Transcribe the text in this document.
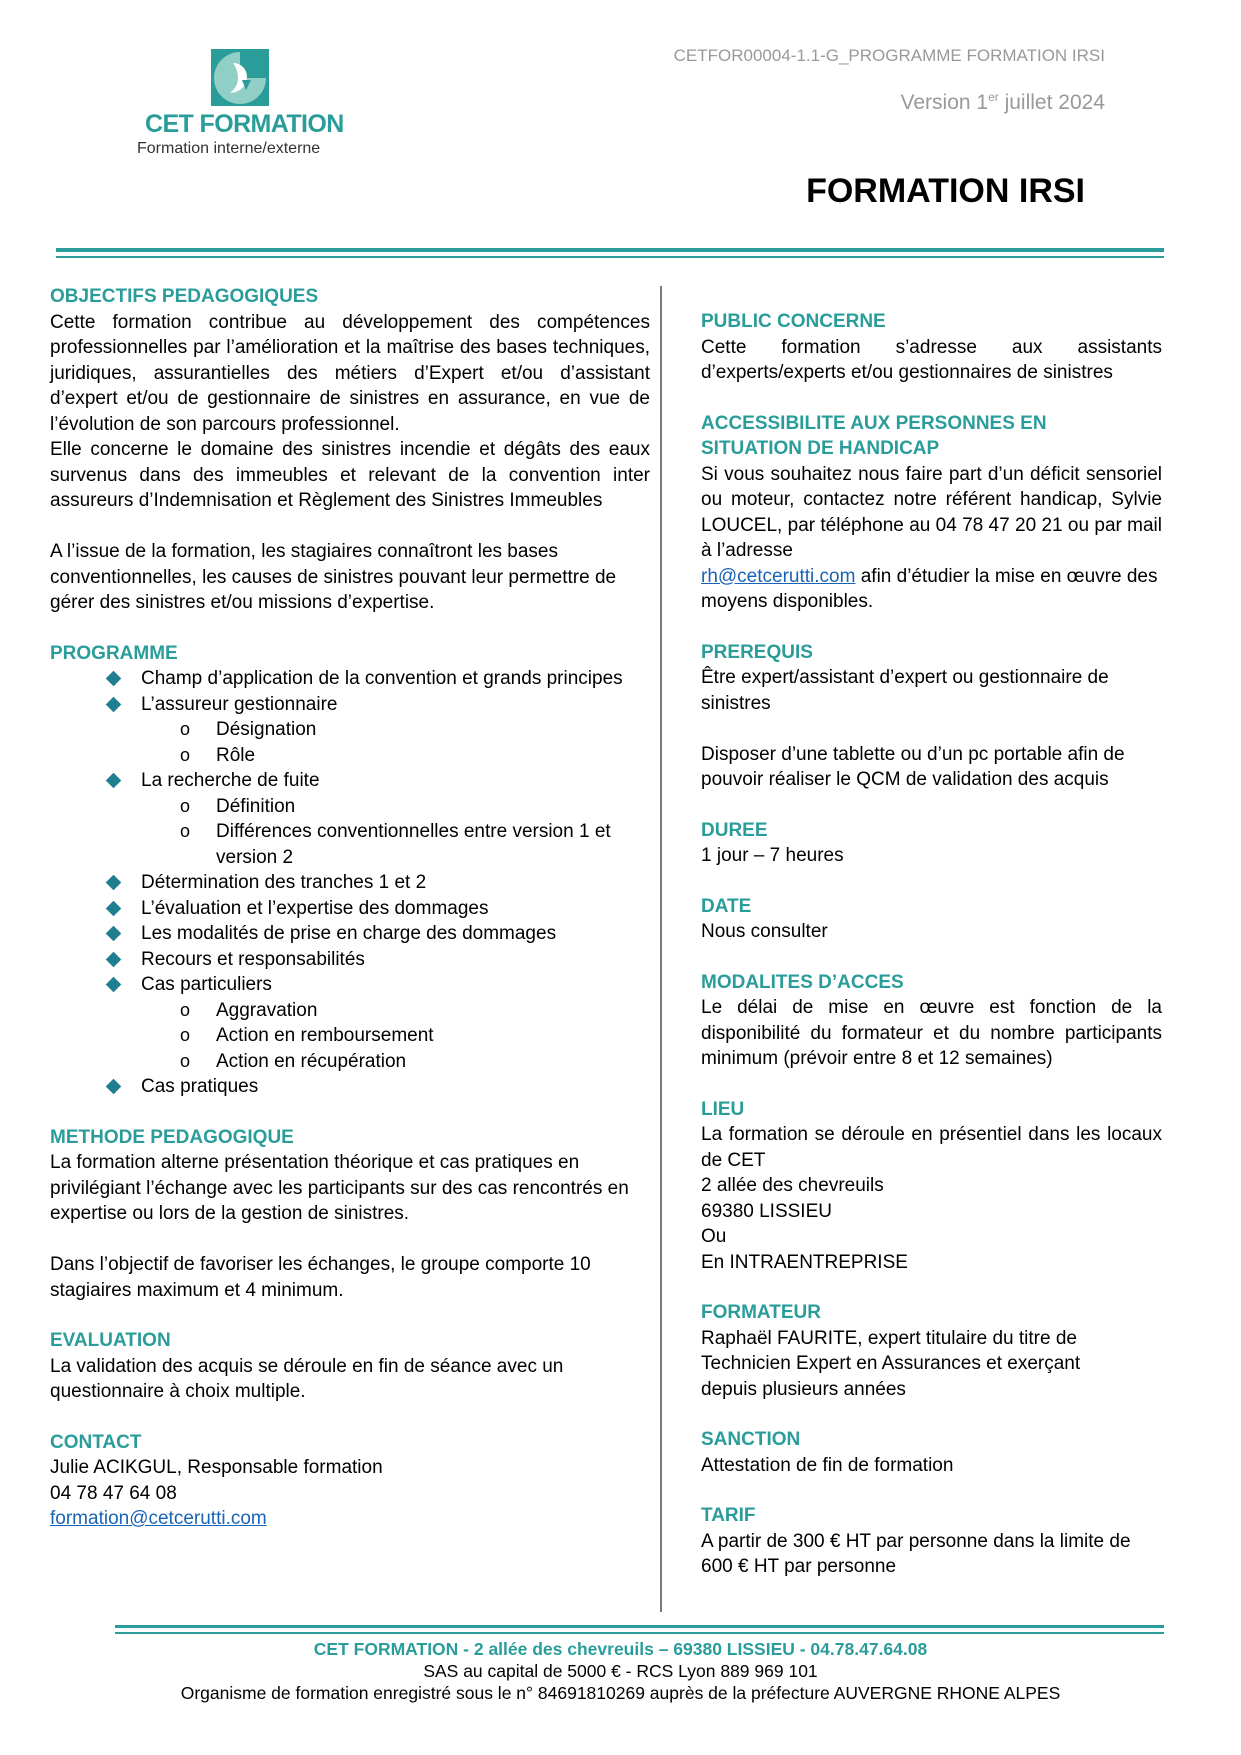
CET FORMATION
Formation interne/externe
CETFOR00004-1.1-G_PROGRAMME FORMATION IRSI
Version 1er juillet 2024
FORMATION IRSI
OBJECTIFS PEDAGOGIQUES

Cette formation contribue au développement des compétences professionnelles par l’amélioration et la maîtrise des bases techniques, juridiques, assurantielles des métiers d’Expert et/ou d’assistant d’expert et/ou de gestionnaire de sinistres en assurance, en vue de l’évolution de son parcours professionnel.

Elle concerne le domaine des sinistres incendie et dégâts des eaux survenus dans des immeubles et relevant de la convention inter assureurs d’Indemnisation et Règlement des Sinistres Immeubles

A l’issue de la formation, les stagiaires connaîtront les bases conventionnelles, les causes de sinistres pouvant leur permettre de gérer des sinistres et/ou missions d’expertise.

PROGRAMME
Champ d’application de la convention et grands principes
L’assureur gestionnaire
o Désignation
o Rôle
La recherche de fuite
o Définition
o Différences conventionnelles entre version 1 et version 2
Détermination des tranches 1 et 2
L’évaluation et l’expertise des dommages
Les modalités de prise en charge des dommages
Recours et responsabilités
Cas particuliers
o Aggravation
o Action en remboursement
o Action en récupération
Cas pratiques
METHODE PEDAGOGIQUE

La formation alterne présentation théorique et cas pratiques en privilégiant l’échange avec les participants sur des cas rencontrés en expertise ou lors de la gestion de sinistres.

Dans l’objectif de favoriser les échanges, le groupe comporte 10 stagiaires maximum et 4 minimum.

EVALUATION

La validation des acquis se déroule en fin de séance avec un questionnaire à choix multiple.

CONTACT

Julie ACIKGUL, Responsable formation

04 78 47 64 08

formation@cetcerutti.com

PUBLIC CONCERNE

Cette formation s’adresse aux assistants d’experts/experts et/ou gestionnaires de sinistres

ACCESSIBILITE AUX PERSONNES EN
SITUATION DE HANDICAP

Si vous souhaitez nous faire part d’un déficit sensoriel ou moteur, contactez notre référent handicap, Sylvie LOUCEL, par téléphone au 04 78 47 20 21 ou par mail à l’adresse

rh@cetcerutti.com afin d’étudier la mise en œuvre des moyens disponibles.

PREREQUIS

Être expert/assistant d’expert ou gestionnaire de sinistres

Disposer d’une tablette ou d’un pc portable afin de pouvoir réaliser le QCM de validation des acquis

DUREE

1 jour – 7 heures

DATE

Nous consulter

MODALITES D’ACCES

Le délai de mise en œuvre est fonction de la disponibilité du formateur et du nombre participants minimum (prévoir entre 8 et 12 semaines)

LIEU

La formation se déroule en présentiel dans les locaux de CET

2 allée des chevreuils

69380 LISSIEU

Ou

En INTRAENTREPRISE

FORMATEUR

Raphaël FAURITE, expert titulaire du titre de Technicien Expert en Assurances et exerçant depuis plusieurs années

SANCTION

Attestation de fin de formation

TARIF

A partir de 300 € HT par personne dans la limite de 600 € HT par personne

CET FORMATION - 2 allée des chevreuils – 69380 LISSIEU - 04.78.47.64.08
SAS au capital de 5000 € - RCS Lyon 889 969 101
Organisme de formation enregistré sous le n° 84691810269 auprès de la préfecture AUVERGNE RHONE ALPES
